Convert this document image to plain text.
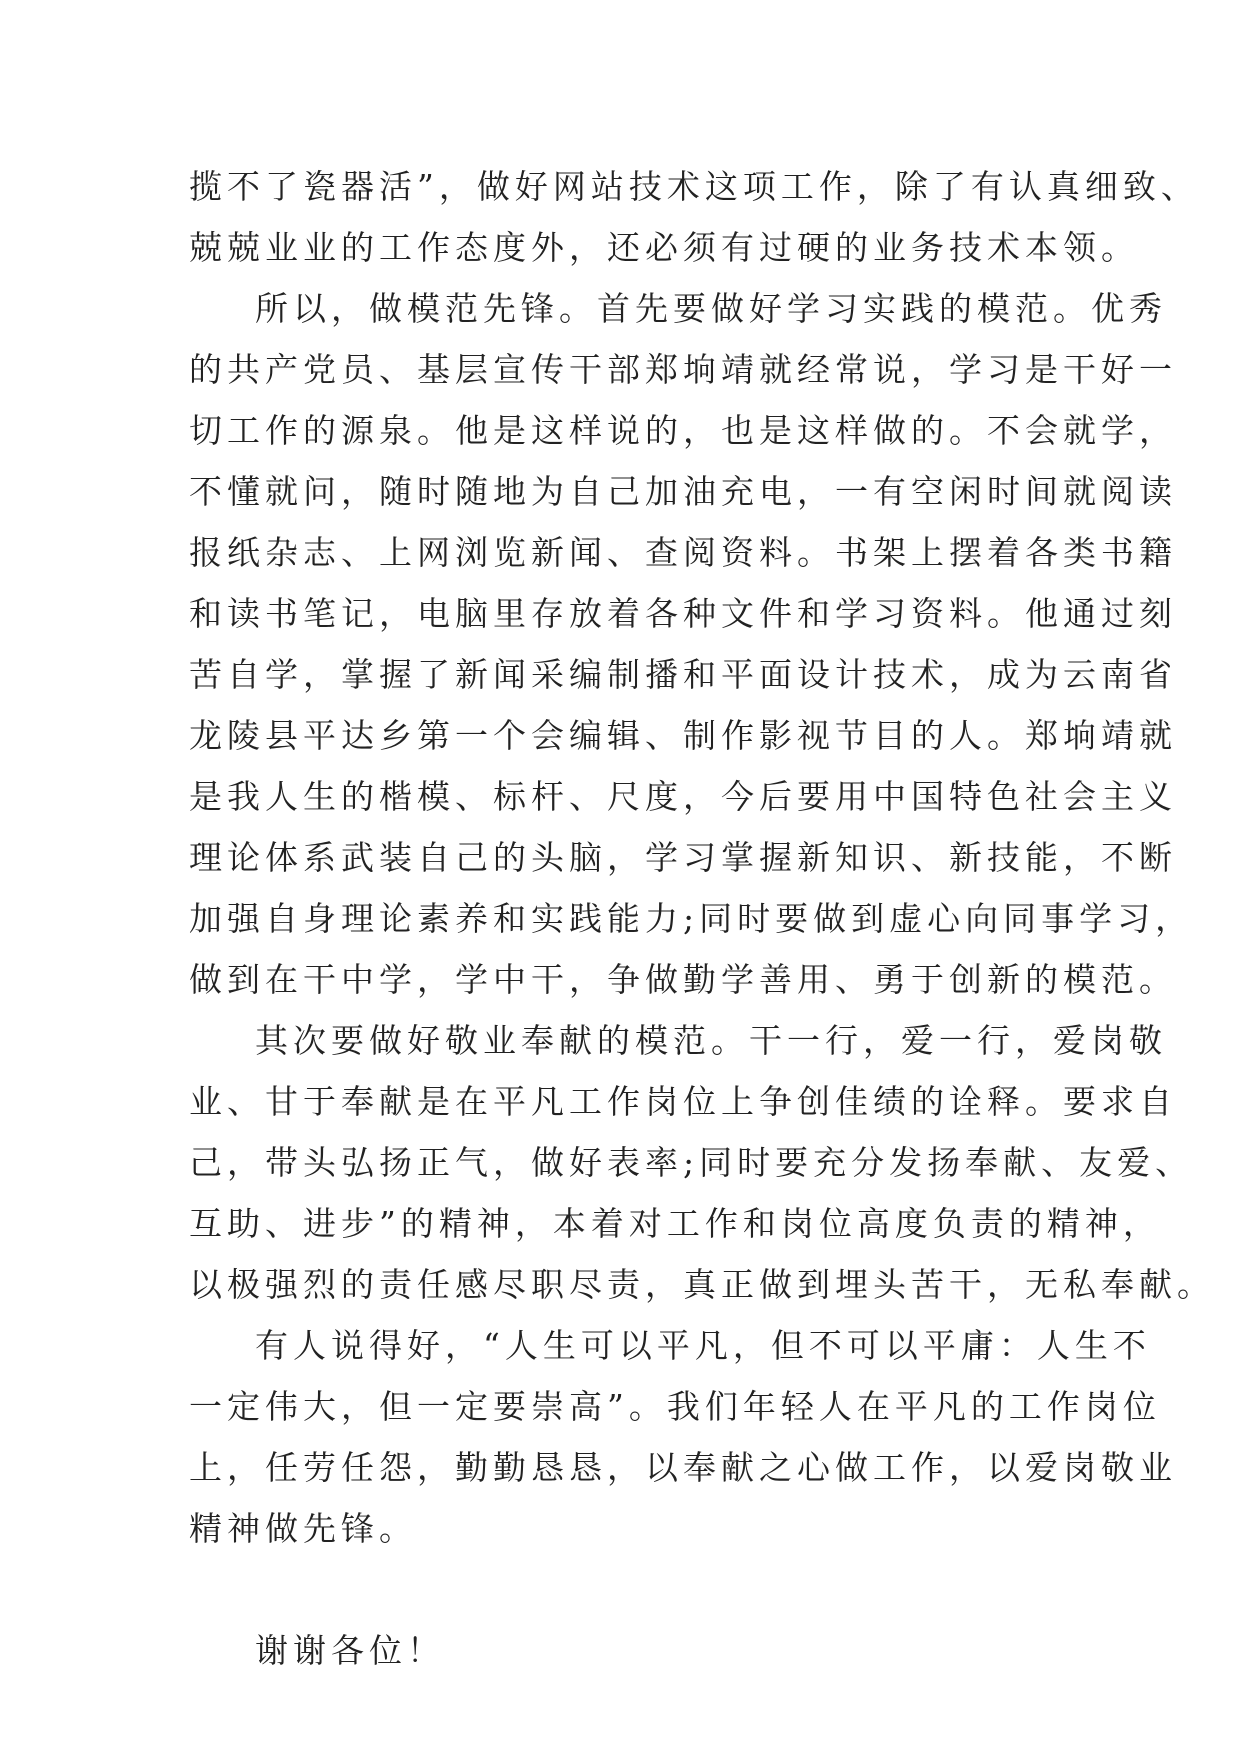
揽不了瓷器活”，做好网站技术这项工作，除了有认真细致、
兢兢业业的工作态度外，还必须有过硬的业务技术本领。
所以，做模范先锋。首先要做好学习实践的模范。优秀
的共产党员、基层宣传干部郑垧靖就经常说，学习是干好一
切工作的源泉。他是这样说的，也是这样做的。不会就学，
不懂就问，随时随地为自己加油充电，一有空闲时间就阅读
报纸杂志、上网浏览新闻、查阅资料。书架上摆着各类书籍
和读书笔记，电脑里存放着各种文件和学习资料。他通过刻
苦自学，掌握了新闻采编制播和平面设计技术，成为云南省
龙陵县平达乡第一个会编辑、制作影视节目的人。郑垧靖就
是我人生的楷模、标杆、尺度，今后要用中国特色社会主义
理论体系武装自己的头脑，学习掌握新知识、新技能，不断
加强自身理论素养和实践能力;同时要做到虚心向同事学习，
做到在干中学，学中干，争做勤学善用、勇于创新的模范。
其次要做好敬业奉献的模范。干一行，爱一行，爱岗敬
业、甘于奉献是在平凡工作岗位上争创佳绩的诠释。要求自
己，带头弘扬正气，做好表率;同时要充分发扬奉献、友爱、
互助、进步”的精神，本着对工作和岗位高度负责的精神，
以极强烈的责任感尽职尽责，真正做到埋头苦干，无私奉献。
有人说得好，“人生可以平凡，但不可以平庸：人生不
一定伟大，但一定要崇高”。我们年轻人在平凡的工作岗位
上，任劳任怨，勤勤恳恳，以奉献之心做工作，以爱岗敬业
精神做先锋。
谢谢各位！
